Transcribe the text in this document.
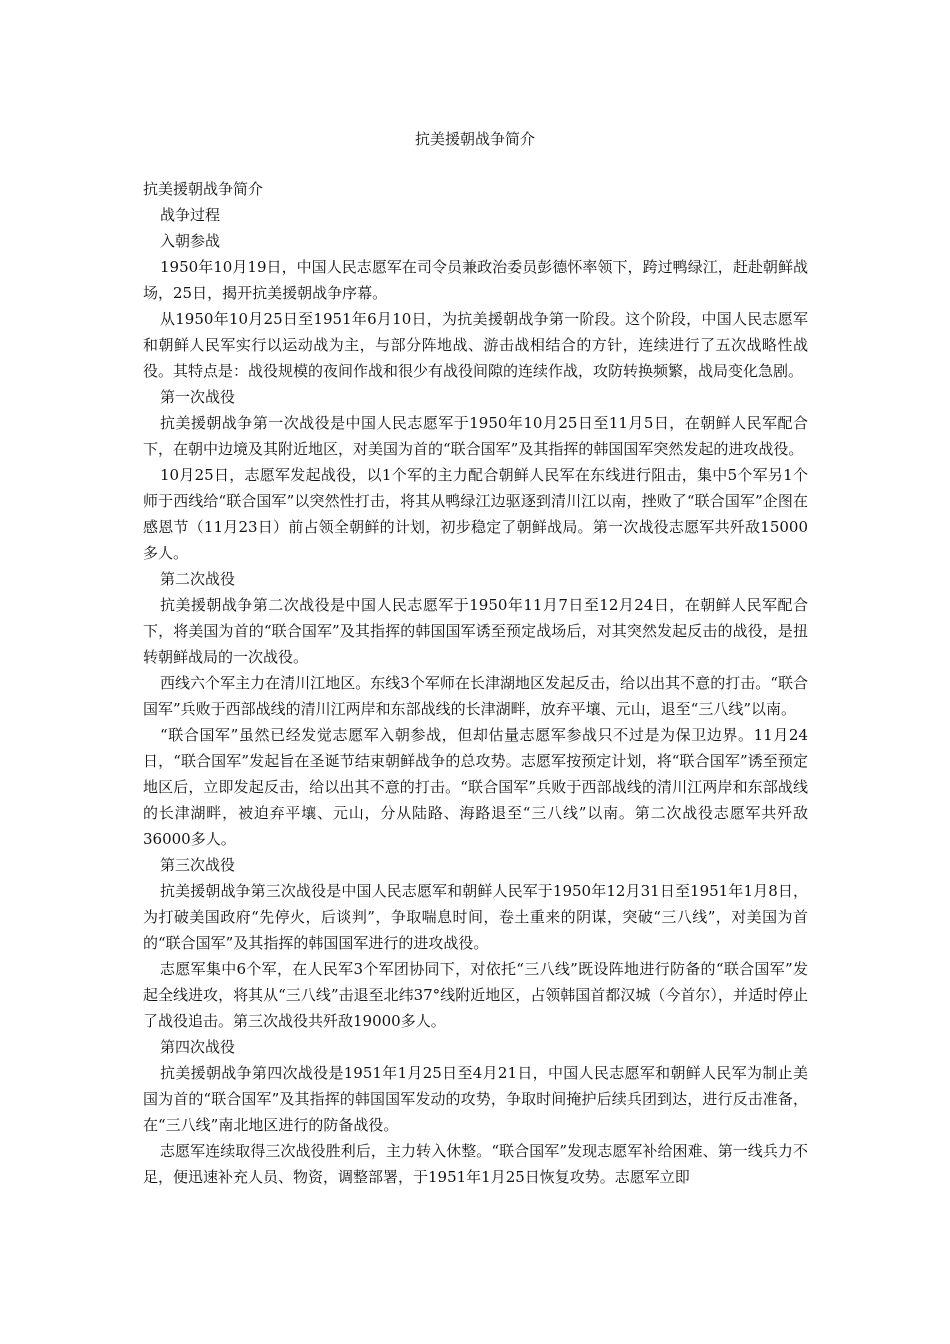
抗美援朝战争简介

抗美援朝战争简介

战争过程

入朝参战

1950年10月19日，中国人民志愿军在司令员兼政治委员彭德怀率领下，跨过鸭绿江，赶赴朝鲜战场，25日，揭开抗美援朝战争序幕。

从1950年10月25日至1951年6月10日，为抗美援朝战争第一阶段。这个阶段，中国人民志愿军和朝鲜人民军实行以运动战为主，与部分阵地战、游击战相结合的方针，连续进行了五次战略性战役。其特点是：战役规模的夜间作战和很少有战役间隙的连续作战，攻防转换频繁，战局变化急剧。

第一次战役

抗美援朝战争第一次战役是中国人民志愿军于1950年10月25日至11月5日，在朝鲜人民军配合下，在朝中边境及其附近地区，对美国为首的“联合国军”及其指挥的韩国国军突然发起的进攻战役。

10月25日，志愿军发起战役，以1个军的主力配合朝鲜人民军在东线进行阻击，集中5个军另1个师于西线给“联合国军”以突然性打击，将其从鸭绿江边驱逐到清川江以南，挫败了“联合国军”企图在感恩节（11月23日）前占领全朝鲜的计划，初步稳定了朝鲜战局。第一次战役志愿军共歼敌15000多人。

第二次战役

抗美援朝战争第二次战役是中国人民志愿军于1950年11月7日至12月24日，在朝鲜人民军配合下，将美国为首的“联合国军”及其指挥的韩国国军诱至预定战场后，对其突然发起反击的战役，是扭转朝鲜战局的一次战役。

西线六个军主力在清川江地区。东线3个军师在长津湖地区发起反击，给以出其不意的打击。“联合国军”兵败于西部战线的清川江两岸和东部战线的长津湖畔，放弃平壤、元山，退至“三八线”以南。

“联合国军”虽然已经发觉志愿军入朝参战，但却估量志愿军参战只不过是为保卫边界。11月24日，“联合国军”发起旨在圣诞节结束朝鲜战争的总攻势。志愿军按预定计划，将“联合国军”诱至预定地区后，立即发起反击，给以出其不意的打击。“联合国军”兵败于西部战线的清川江两岸和东部战线的长津湖畔，被迫弃平壤、元山，分从陆路、海路退至“三八线”以南。第二次战役志愿军共歼敌36000多人。

第三次战役

抗美援朝战争第三次战役是中国人民志愿军和朝鲜人民军于1950年12月31日至1951年1月8日，为打破美国政府“先停火，后谈判”，争取喘息时间，卷土重来的阴谋，突破“三八线”，对美国为首的“联合国军”及其指挥的韩国国军进行的进攻战役。

志愿军集中6个军，在人民军3个军团协同下，对依托“三八线”既设阵地进行防备的“联合国军”发起全线进攻，将其从“三八线”击退至北纬37°线附近地区，占领韩国首都汉城（今首尔），并适时停止了战役追击。第三次战役共歼敌19000多人。

第四次战役

抗美援朝战争第四次战役是1951年1月25日至4月21日，中国人民志愿军和朝鲜人民军为制止美国为首的“联合国军”及其指挥的韩国国军发动的攻势，争取时间掩护后续兵团到达，进行反击准备，在“三八线”南北地区进行的防备战役。

志愿军连续取得三次战役胜利后，主力转入休整。“联合国军”发现志愿军补给困难、第一线兵力不足，便迅速补充人员、物资，调整部署，于1951年1月25日恢复攻势。志愿军立即
